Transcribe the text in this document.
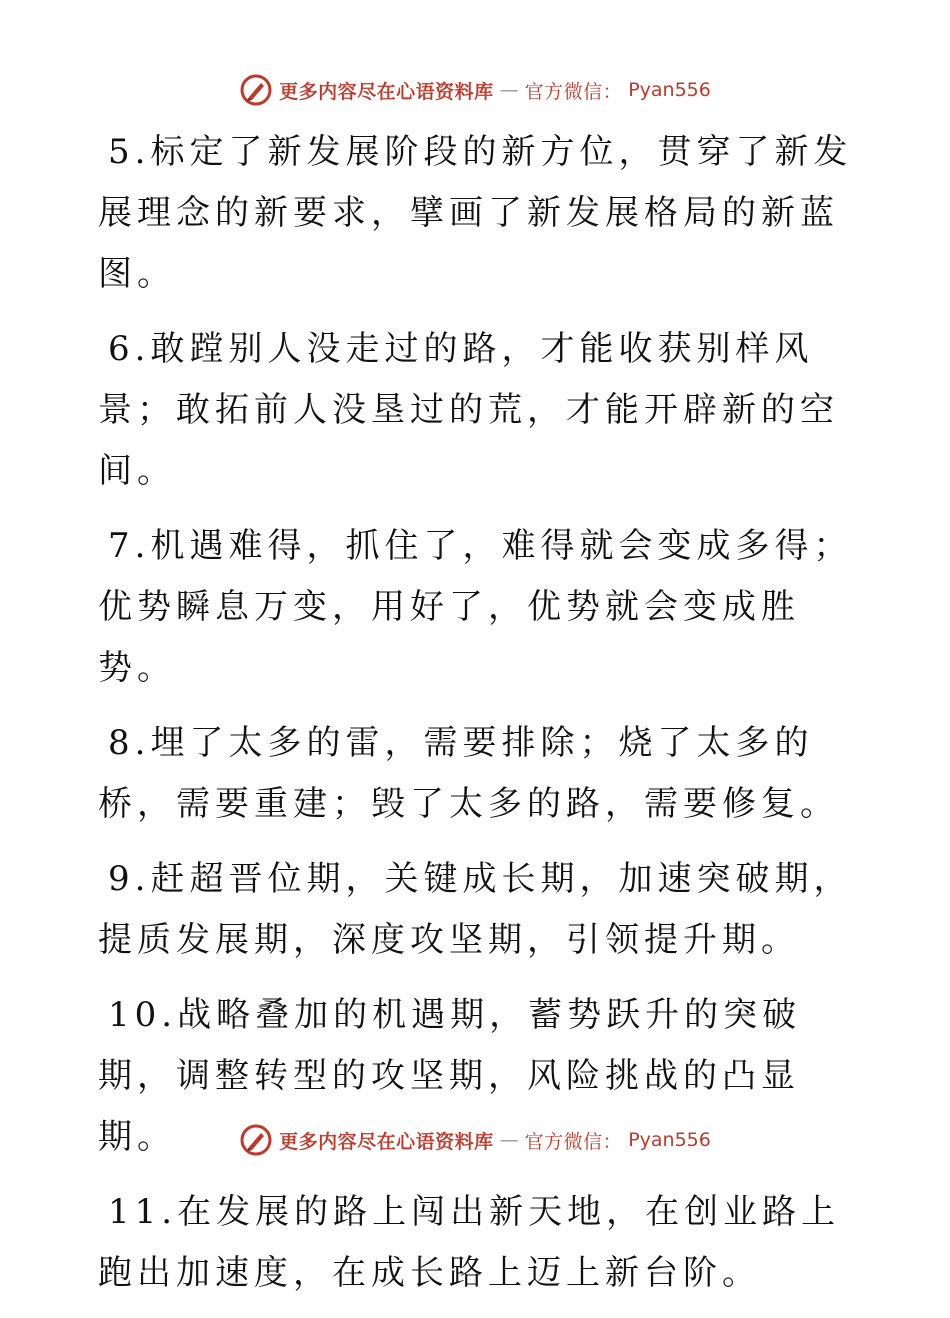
更多内容尽在心语资料库 — 官方微信： Pyan556

5.标定了新发展阶段的新方位，贯穿了新发展理念的新要求，擘画了新发展格局的新蓝图。

6.敢蹚别人没走过的路，才能收获别样风景；敢拓前人没垦过的荒，才能开辟新的空间。

7.机遇难得，抓住了，难得就会变成多得；优势瞬息万变，用好了，优势就会变成胜势。

8.埋了太多的雷，需要排除；烧了太多的桥，需要重建；毁了太多的路，需要修复。

9.赶超晋位期，关键成长期，加速突破期，提质发展期，深度攻坚期，引领提升期。

10.战略叠加的机遇期，蓄势跃升的突破期，调整转型的攻坚期，风险挑战的凸显期。

11.在发展的路上闯出新天地，在创业路上跑出加速度，在成长路上迈上新台阶。

更多内容尽在心语资料库 — 官方微信： Pyan556
